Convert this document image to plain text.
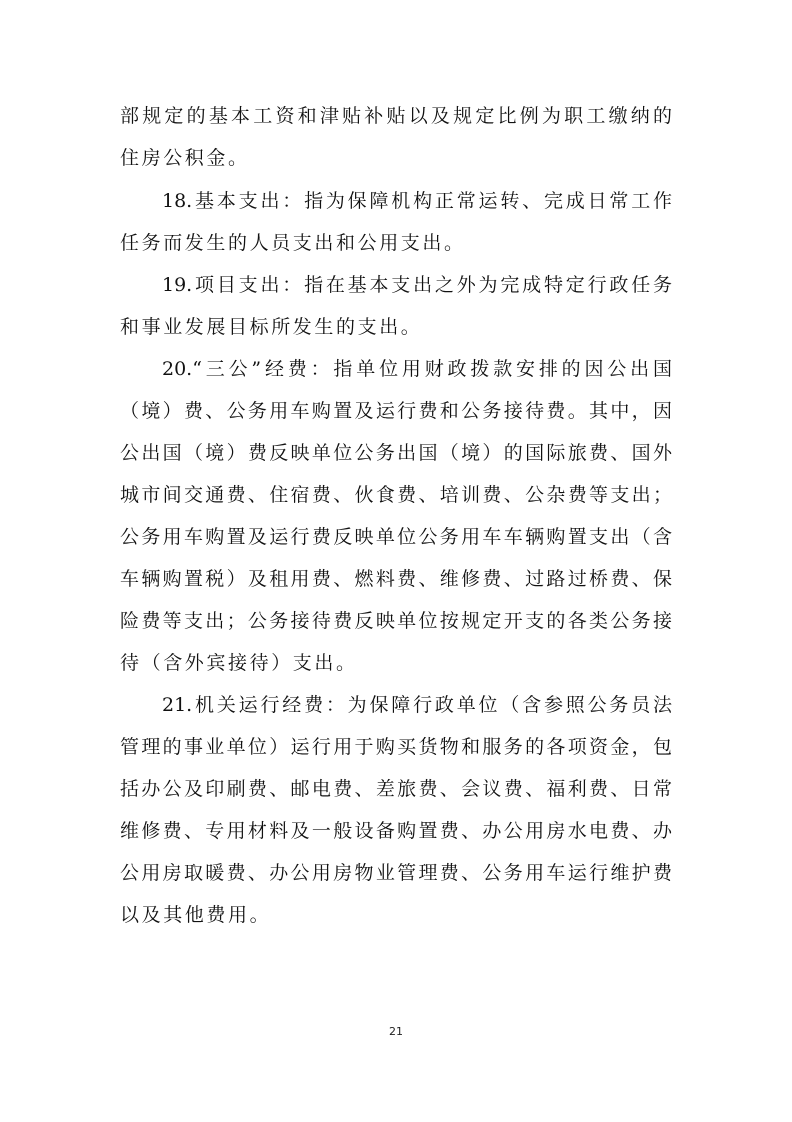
部规定的基本工资和津贴补贴以及规定比例为职工缴纳的
住房公积金。
18.基本支出：指为保障机构正常运转、完成日常工作
任务而发生的人员支出和公用支出。
19.项目支出：指在基本支出之外为完成特定行政任务
和事业发展目标所发生的支出。
20.“三公”经费：指单位用财政拨款安排的因公出国
（境）费、公务用车购置及运行费和公务接待费。其中，因
公出国（境）费反映单位公务出国（境）的国际旅费、国外
城市间交通费、住宿费、伙食费、培训费、公杂费等支出；
公务用车购置及运行费反映单位公务用车车辆购置支出（含
车辆购置税）及租用费、燃料费、维修费、过路过桥费、保
险费等支出；公务接待费反映单位按规定开支的各类公务接
待（含外宾接待）支出。
21.机关运行经费：为保障行政单位（含参照公务员法
管理的事业单位）运行用于购买货物和服务的各项资金，包
括办公及印刷费、邮电费、差旅费、会议费、福利费、日常
维修费、专用材料及一般设备购置费、办公用房水电费、办
公用房取暖费、办公用房物业管理费、公务用车运行维护费
以及其他费用。
21
